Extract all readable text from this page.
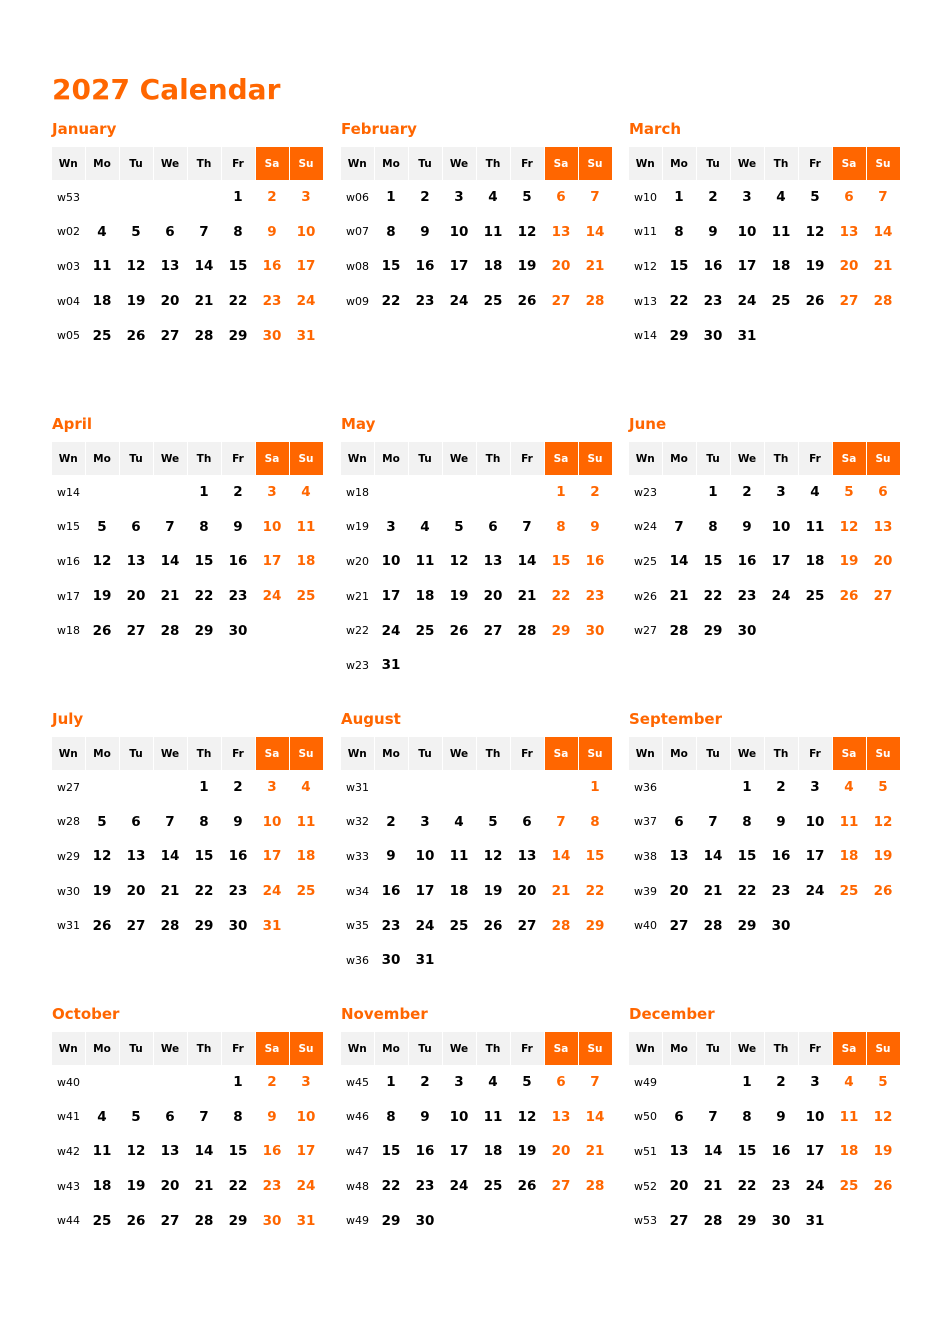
2027 Calendar
January
Wn	Mo	Tu	We	Th	Fr	Sa	Su
w53					1	2	3
w02	4	5	6	7	8	9	10
w03	11	12	13	14	15	16	17
w04	18	19	20	21	22	23	24
w05	25	26	27	28	29	30	31
February
Wn	Mo	Tu	We	Th	Fr	Sa	Su
w06	1	2	3	4	5	6	7
w07	8	9	10	11	12	13	14
w08	15	16	17	18	19	20	21
w09	22	23	24	25	26	27	28
March
Wn	Mo	Tu	We	Th	Fr	Sa	Su
w10	1	2	3	4	5	6	7
w11	8	9	10	11	12	13	14
w12	15	16	17	18	19	20	21
w13	22	23	24	25	26	27	28
w14	29	30	31				
April
Wn	Mo	Tu	We	Th	Fr	Sa	Su
w14				1	2	3	4
w15	5	6	7	8	9	10	11
w16	12	13	14	15	16	17	18
w17	19	20	21	22	23	24	25
w18	26	27	28	29	30		
May
Wn	Mo	Tu	We	Th	Fr	Sa	Su
w18						1	2
w19	3	4	5	6	7	8	9
w20	10	11	12	13	14	15	16
w21	17	18	19	20	21	22	23
w22	24	25	26	27	28	29	30
w23	31						
June
Wn	Mo	Tu	We	Th	Fr	Sa	Su
w23		1	2	3	4	5	6
w24	7	8	9	10	11	12	13
w25	14	15	16	17	18	19	20
w26	21	22	23	24	25	26	27
w27	28	29	30				
July
Wn	Mo	Tu	We	Th	Fr	Sa	Su
w27				1	2	3	4
w28	5	6	7	8	9	10	11
w29	12	13	14	15	16	17	18
w30	19	20	21	22	23	24	25
w31	26	27	28	29	30	31	
August
Wn	Mo	Tu	We	Th	Fr	Sa	Su
w31							1
w32	2	3	4	5	6	7	8
w33	9	10	11	12	13	14	15
w34	16	17	18	19	20	21	22
w35	23	24	25	26	27	28	29
w36	30	31					
September
Wn	Mo	Tu	We	Th	Fr	Sa	Su
w36			1	2	3	4	5
w37	6	7	8	9	10	11	12
w38	13	14	15	16	17	18	19
w39	20	21	22	23	24	25	26
w40	27	28	29	30			
October
Wn	Mo	Tu	We	Th	Fr	Sa	Su
w40					1	2	3
w41	4	5	6	7	8	9	10
w42	11	12	13	14	15	16	17
w43	18	19	20	21	22	23	24
w44	25	26	27	28	29	30	31
November
Wn	Mo	Tu	We	Th	Fr	Sa	Su
w45	1	2	3	4	5	6	7
w46	8	9	10	11	12	13	14
w47	15	16	17	18	19	20	21
w48	22	23	24	25	26	27	28
w49	29	30					
December
Wn	Mo	Tu	We	Th	Fr	Sa	Su
w49			1	2	3	4	5
w50	6	7	8	9	10	11	12
w51	13	14	15	16	17	18	19
w52	20	21	22	23	24	25	26
w53	27	28	29	30	31		
